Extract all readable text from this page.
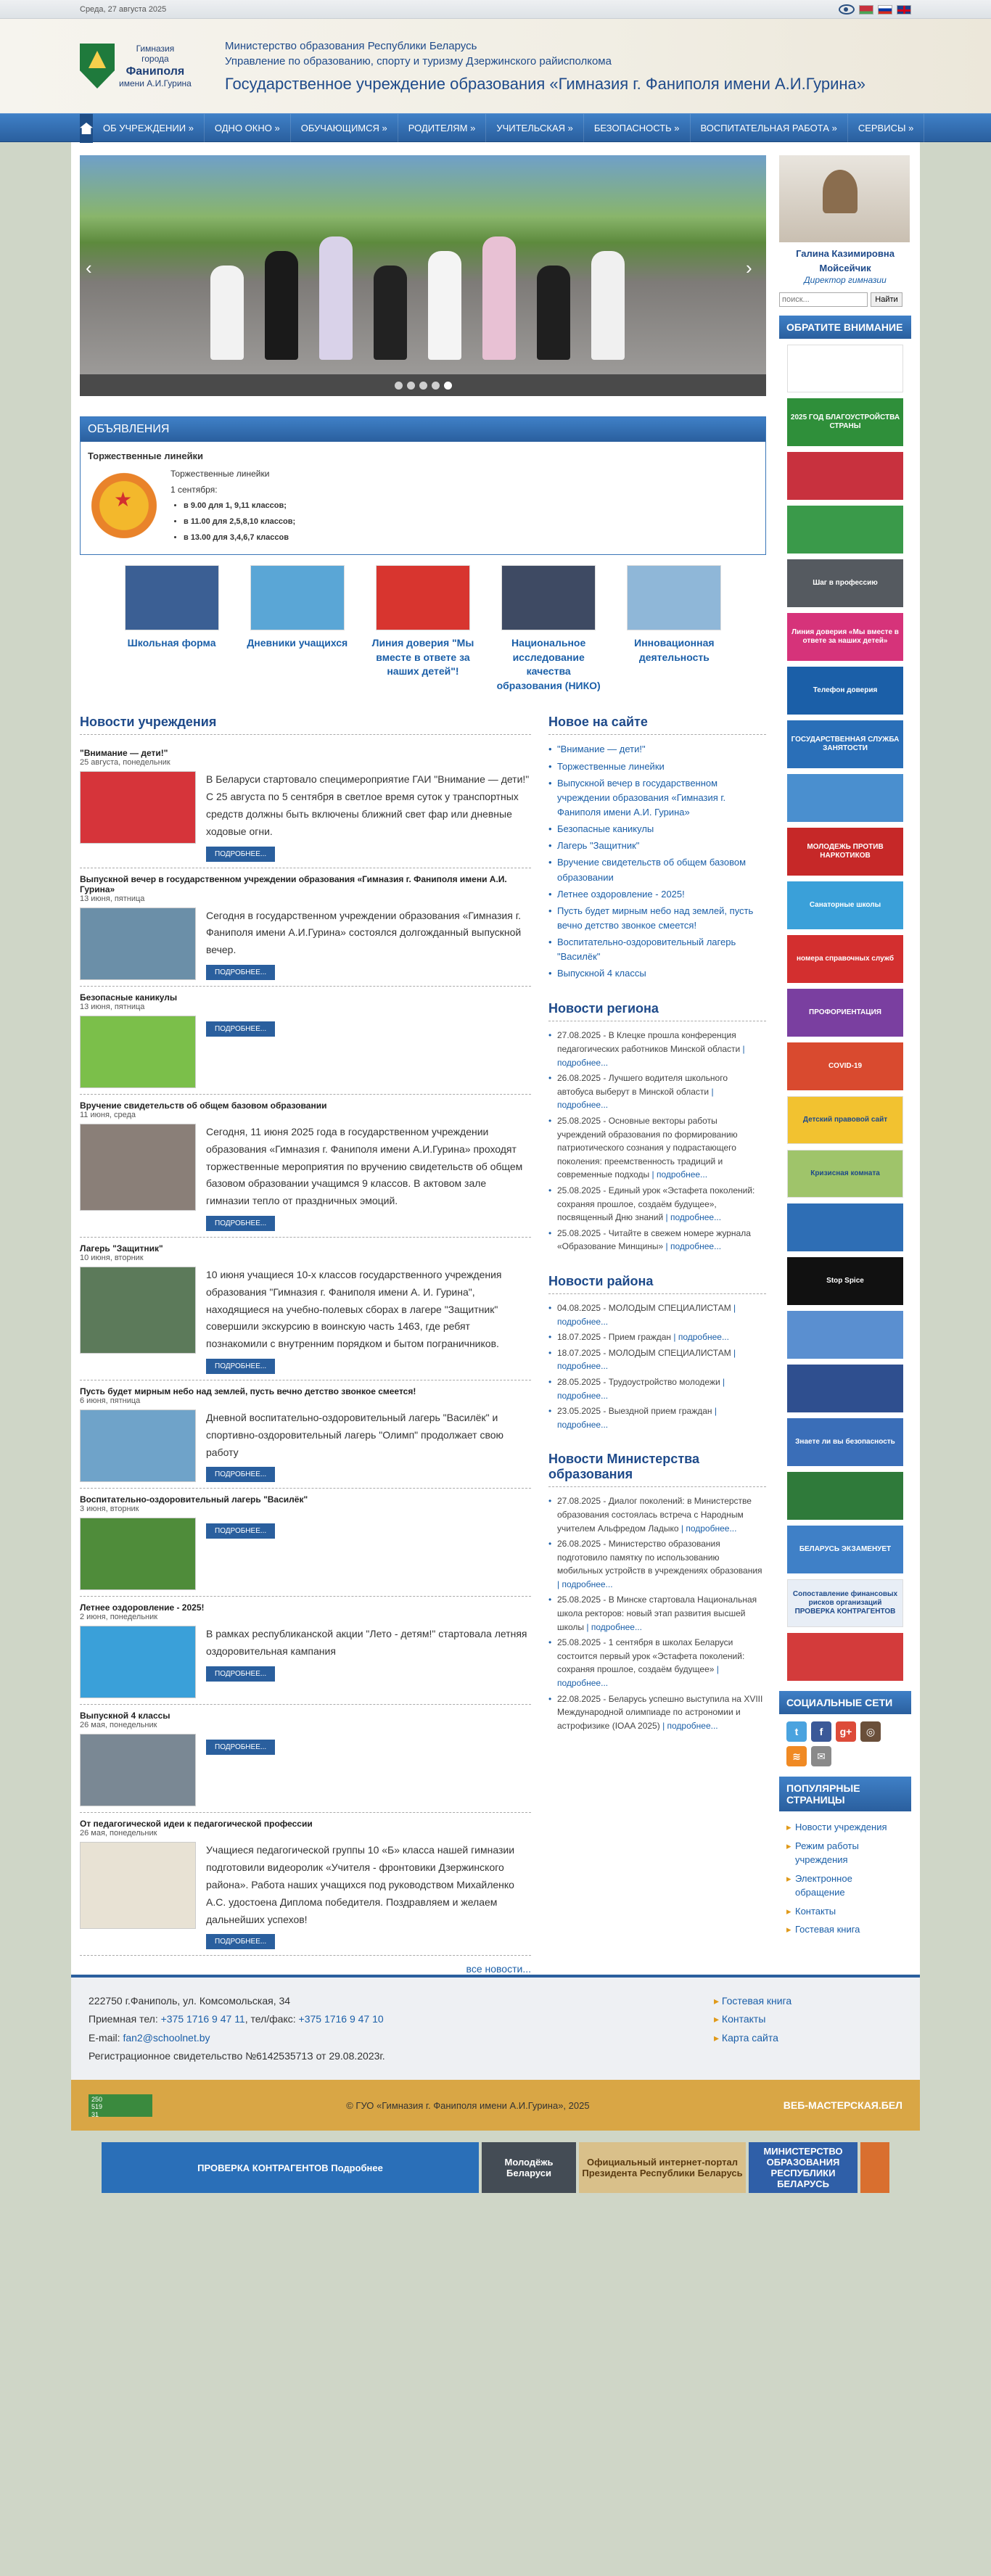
Среда, 27 августа 2025
Гимназия
города
Фаниполя
имени А.И.Гурина
Министерство образования Республики Беларусь
Управление по образованию, спорту и туризму Дзержинского райисполкома
Государственное учреждение образования «Гимназия г. Фаниполя имени А.И.Гурина»
ОБ УЧРЕЖДЕНИИ »	ОДНО ОКНО »	ОБУЧАЮЩИМСЯ »	РОДИТЕЛЯМ »	УЧИТЕЛЬСКАЯ »	БЕЗОПАСНОСТЬ »	ВОСПИТАТЕЛЬНАЯ РАБОТА »	СЕРВИСЫ »
‹	›
ОБЪЯВЛЕНИЯ
Торжественные линейки
★
Торжественные линейки
1 сентября:
• в 9.00 для 1, 9,11 классов;
• в 11.00 для 2,5,8,10 классов;
• в 13.00 для 3,4,6,7 классов
Школьная форма	Дневники учащихся	Линия доверия "Мы вместе в ответе за наших детей"!
Национальное исследование качества образования (НИКО)
Инновационная деятельность
Новости учреждения
"Внимание — дети!"
25 августа, понедельник
В Беларуси стартовало специмероприятие ГАИ "Внимание — дети!" С 25 августа по 5 сентября в светлое время суток у транспортных средств должны быть включены ближний свет фар или дневные ходовые огни.
ПОДРОБНЕЕ...
Выпускной вечер в государственном учреждении образования «Гимназия г. Фаниполя имени А.И. Гурина»
13 июня, пятница
Сегодня в государственном учреждении образования «Гимназия г. Фаниполя имени А.И.Гурина» состоялся долгожданный выпускной вечер.
ПОДРОБНЕЕ...
Безопасные каникулы
13 июня, пятница
ПОДРОБНЕЕ...
Вручение свидетельств об общем базовом образовании
11 июня, среда
Сегодня, 11 июня 2025 года в государственном учреждении образования «Гимназия г. Фаниполя имени А.И.Гурина» проходят торжественные мероприятия по вручению свидетельств об общем базовом образовании учащимся 9 классов. В актовом зале гимназии тепло от праздничных эмоций.
ПОДРОБНЕЕ...
Лагерь "Защитник"
10 июня, вторник
10 июня учащиеся 10-х классов государственного учреждения образования "Гимназия г. Фаниполя имени А. И. Гурина", находящиеся на учебно-полевых сборах в лагере "Защитник" совершили экскурсию в воинскую часть 1463, где ребят познакомили с внутренним порядком и бытом пограничников.
ПОДРОБНЕЕ...
Пусть будет мирным небо над землей, пусть вечно детство звонкое смеется!
6 июня, пятница
Дневной воспитательно-оздоровительный лагерь "Василёк" и спортивно-оздоровительный лагерь "Олимп" продолжает свою работу
ПОДРОБНЕЕ...
Воспитательно-оздоровительный лагерь "Василёк"
3 июня, вторник
ПОДРОБНЕЕ...
Летнее оздоровление - 2025!
2 июня, понедельник
В рамках республиканской акции "Лето - детям!" стартовала летняя оздоровительная кампания
ПОДРОБНЕЕ...
Выпускной 4 классы
26 мая, понедельник
ПОДРОБНЕЕ...
От педагогической идеи к педагогической профессии
26 мая, понедельник
Учащиеся педагогической группы 10 «Б» класса нашей гимназии подготовили видеоролик «Учителя - фронтовики Дзержинского района». Работа наших учащихся под руководством Михайленко А.С. удостоена Диплома победителя. Поздравляем и желаем дальнейших успехов!
ПОДРОБНЕЕ...
все новости...
Новое на сайте
• "Внимание — дети!"
• Торжественные линейки
• Выпускной вечер в государственном учреждении образования «Гимназия г. Фаниполя имени А.И. Гурина»
• Безопасные каникулы
• Лагерь "Защитник"
• Вручение свидетельств об общем базовом образовании
• Летнее оздоровление - 2025!
• Пусть будет мирным небо над землей, пусть вечно детство звонкое смеется!
• Воспитательно-оздоровительный лагерь "Василёк"
• Выпускной 4 классы
Новости региона
• 27.08.2025 - В Клецке прошла конференция педагогических работников Минской области | подробнее...
• 26.08.2025 - Лучшего водителя школьного автобуса выберут в Минской области | подробнее...
• 25.08.2025 - Основные векторы работы учреждений образования по формированию патриотического сознания у подрастающего поколения: преемственность традиций и современные подходы | подробнее...
• 25.08.2025 - Единый урок «Эстафета поколений: сохраняя прошлое, создаём будущее», посвященный Дню знаний | подробнее...
• 25.08.2025 - Читайте в свежем номере журнала «Образование Минщины» | подробнее...
Новости района
• 04.08.2025 - МОЛОДЫМ СПЕЦИАЛИСТАМ | подробнее...
• 18.07.2025 - Прием граждан | подробнее...
• 18.07.2025 - МОЛОДЫМ СПЕЦИАЛИСТАМ | подробнее...
• 28.05.2025 - Трудоустройство молодежи | подробнее...
• 23.05.2025 - Выездной прием граждан | подробнее...
Новости Министерства образования
• 27.08.2025 - Диалог поколений: в Министерстве образования состоялась встреча с Народным учителем Альфредом Ладыко | подробнее...
• 26.08.2025 - Министерство образования подготовило памятку по использованию мобильных устройств в учреждениях образования | подробнее...
• 25.08.2025 - В Минске стартовала Национальная школа ректоров: новый этап развития высшей школы | подробнее...
• 25.08.2025 - 1 сентября в школах Беларуси состоится первый урок «Эстафета поколений: сохраняя прошлое, создаём будущее» | подробнее...
• 22.08.2025 - Беларусь успешно выступила на XVIII Международной олимпиаде по астрономии и астрофизике (IOAA 2025) | подробнее...
Галина Казимировна Мойсейчик
Директор гимназии
поиск...
Найти
ОБРАТИТЕ ВНИМАНИЕ
2025 ГОД БЛАГОУСТРОЙСТВА СТРАНЫ
Шаг в профессию
Линия доверия «Мы вместе в ответе за наших детей»
Телефон доверия
ГОСУДАРСТВЕННАЯ СЛУЖБА ЗАНЯТОСТИ
МОЛОДЕЖЬ ПРОТИВ НАРКОТИКОВ
Санаторные школы
номера справочных служб
ПРОФОРИЕНТАЦИЯ
COVID-19
Детский правовой сайт
Кризисная комната
Stop Spice
Знаете ли вы безопасность
БЕЛАРУСЬ ЭКЗАМЕНУЕТ
Сопоставление финансовых рисков организаций ПРОВЕРКА КОНТРАГЕНТОВ
СОЦИАЛЬНЫЕ СЕТИ
t	f	g+	◎
≋	✉
ПОПУЛЯРНЫЕ СТРАНИЦЫ
▸ Новости учреждения
▸ Режим работы учреждения
▸ Электронное обращение
▸ Контакты
▸ Гостевая книга
222750 г.Фаниполь, ул. Комсомольская, 34
Приемная тел: +375 1716 9 47 11, тел/факс: +375 1716 9 47 10
E-mail: fan2@schoolnet.by
Регистрационное свидетельство №614253571З от 29.08.2023г.
▸ Гостевая книга
▸ Контакты
▸ Карта сайта
250
519
31
© ГУО «Гимназия г. Фаниполя имени А.И.Гурина», 2025	ВЕБ-МАСТЕРСКАЯ.БЕЛ
ПРОВЕРКА КОНТРАГЕНТОВ Подробнее	Молодёжь Беларуси
Официальный интернет-портал Президента Республики Беларусь
МИНИСТЕРСТВО ОБРАЗОВАНИЯ РЕСПУБЛИКИ БЕЛАРУСЬ
